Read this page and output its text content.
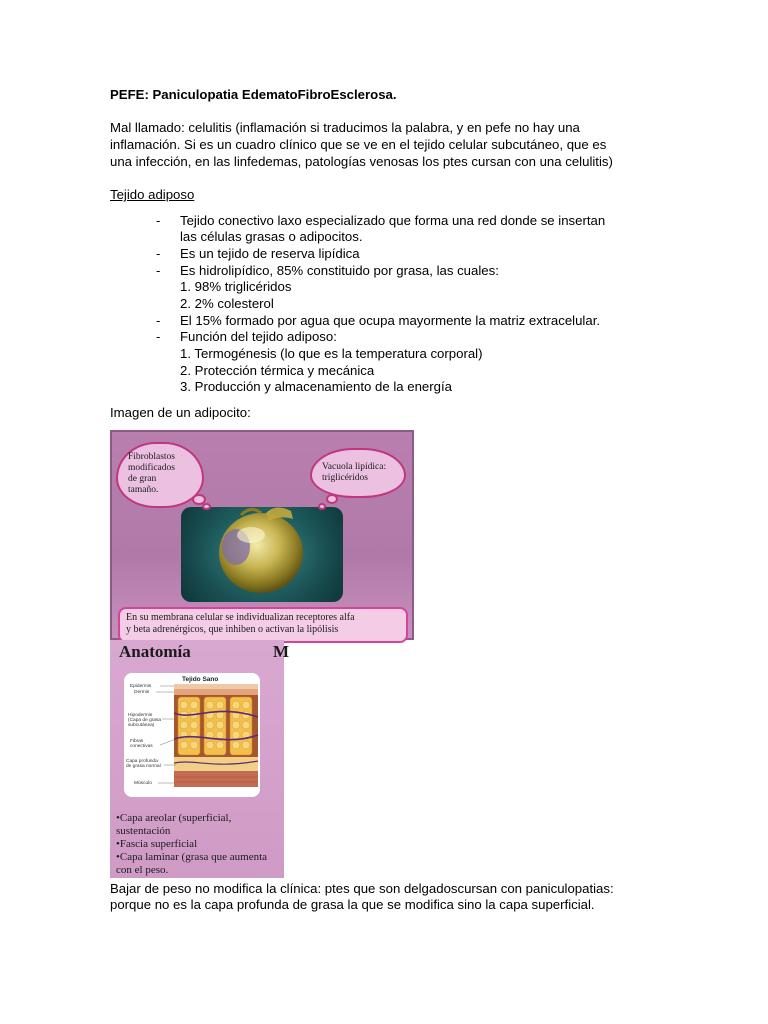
PEFE: Paniculopatia EdematoFibroEsclerosa.
Mal llamado: celulitis (inflamación si traducimos la palabra, y en pefe no hay una
inflamación. Si es un cuadro clínico que se ve en el tejido celular subcutáneo, que es
una infección, en las linfedemas, patologías venosas los ptes cursan con una celulitis)
Tejido adiposo
- Tejido conectivo laxo especializado que forma una red donde se insertan
las células grasas o adipocitos.
- Es un tejido de reserva lipídica
- Es hidrolipídico, 85% constituido por grasa, las cuales:
1. 98% triglicéridos
2. 2% colesterol
- El 15% formado por agua que ocupa mayormente la matriz extracelular.
- Función del tejido adiposo:
1. Termogénesis (lo que es la temperatura corporal)
2. Protección térmica y mecánica
3. Producción y almacenamiento de la energía
Imagen de un adipocito:
Fibroblastos
modificados
de gran
tamaño.
Vacuola lipídica:
triglicéridos
En su membrana celular se individualizan receptores alfa
y beta adrenérgicos, que inhiben o activan la lipólisis
Anatomía	M
Tejido Sano
Epidermis
Dermis
Hipodermis (Capa de grasa subcutánea)
Fibras conectivas
Capa profunda de grasa normal
Músculo
•Capa areolar (superficial,
sustentación
•Fascia superficial
•Capa laminar (grasa que aumenta
con el peso.
Bajar de peso no modifica la clínica: ptes que son delgadoscursan con paniculopatias:
porque no es la capa profunda de grasa la que se modifica sino la capa superficial.
